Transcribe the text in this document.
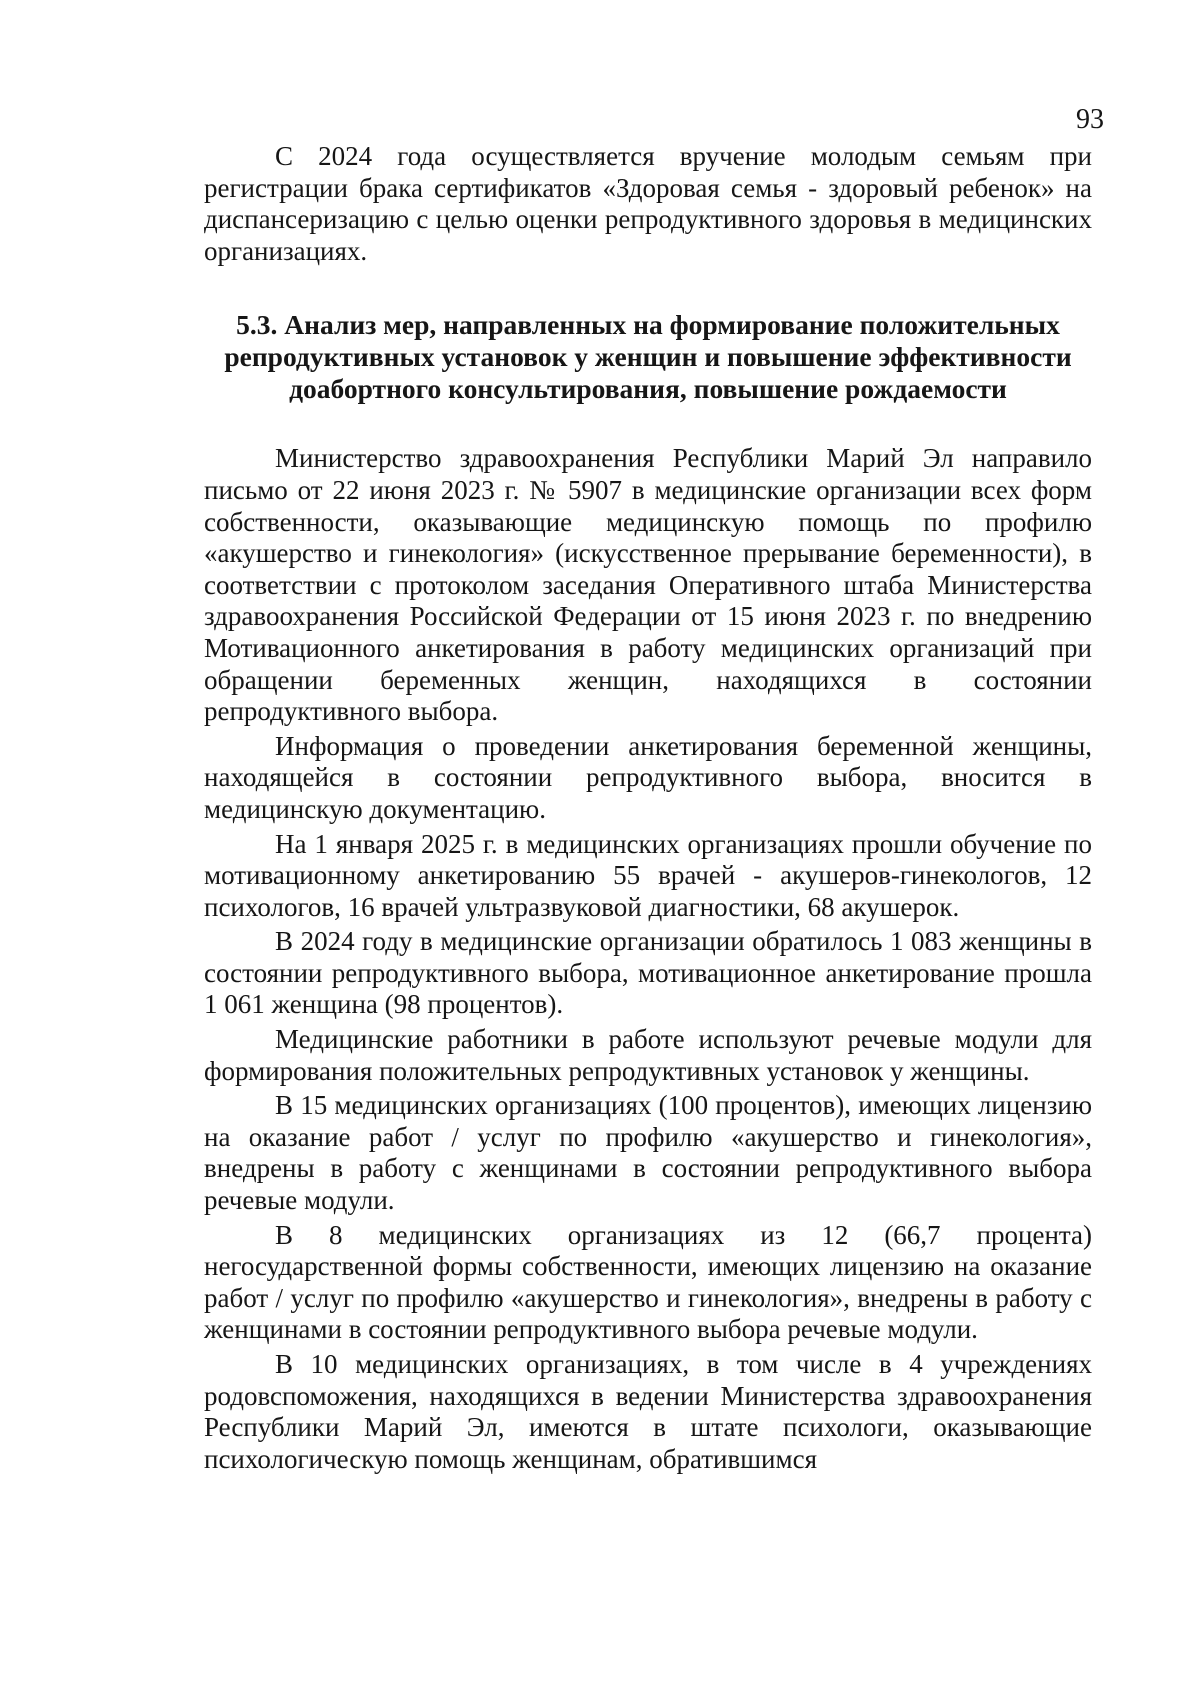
93

С 2024 года осуществляется вручение молодым семьям при регистрации брака сертификатов «Здоровая семья - здоровый ребенок» на диспансеризацию с целью оценки репродуктивного здоровья в медицинских организациях.

5.3. Анализ мер, направленных на формирование положительных
репродуктивных установок у женщин и повышение эффективности
доабортного консультирования, повышение рождаемости

Министерство здравоохранения Республики Марий Эл направило письмо от 22 июня 2023 г. № 5907 в медицинские организации всех форм собственности, оказывающие медицинскую помощь по профилю «акушерство и гинекология» (искусственное прерывание беременности), в соответствии с протоколом заседания Оперативного штаба Министерства здравоохранения Российской Федерации от 15 июня 2023 г. по внедрению Мотивационного анкетирования в работу медицинских организаций при обращении беременных женщин, находящихся в состоянии репродуктивного выбора.

Информация о проведении анкетирования беременной женщины, находящейся в состоянии репродуктивного выбора, вносится в медицинскую документацию.

На 1 января 2025 г. в медицинских организациях прошли обучение по мотивационному анкетированию 55 врачей - акушеров-гинекологов, 12 психологов, 16 врачей ультразвуковой диагностики, 68 акушерок.

В 2024 году в медицинские организации обратилось 1 083 женщины в состоянии репродуктивного выбора, мотивационное анкетирование прошла 1 061 женщина (98 процентов).

Медицинские работники в работе используют речевые модули для формирования положительных репродуктивных установок у женщины.

В 15 медицинских организациях (100 процентов), имеющих лицензию на оказание работ / услуг по профилю «акушерство и гинекология», внедрены в работу с женщинами в состоянии репродуктивного выбора речевые модули.

В 8 медицинских организациях из 12 (66,7 процента) негосударственной формы собственности, имеющих лицензию на оказание работ / услуг по профилю «акушерство и гинекология», внедрены в работу с женщинами в состоянии репродуктивного выбора речевые модули.

В 10 медицинских организациях, в том числе в 4 учреждениях родовспоможения, находящихся в ведении Министерства здравоохранения Республики Марий Эл, имеются в штате психологи, оказывающие психологическую помощь женщинам, обратившимся
